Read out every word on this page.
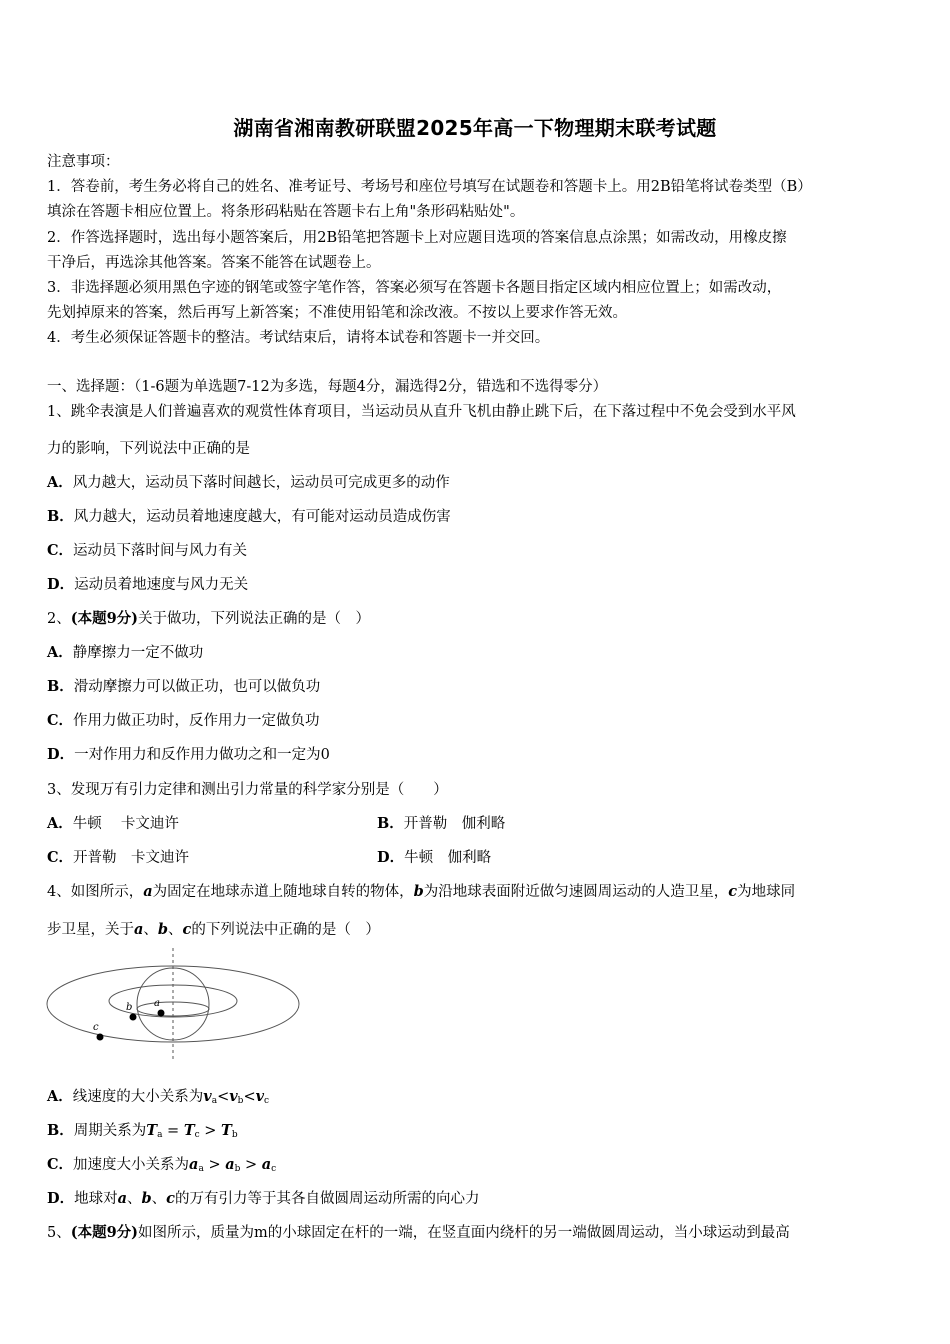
湖南省湘南教研联盟2025年高一下物理期末联考试题
注意事项：
1．答卷前，考生务必将自己的姓名、准考证号、考场号和座位号填写在试题卷和答题卡上。用2B铅笔将试卷类型（B）
填涂在答题卡相应位置上。将条形码粘贴在答题卡右上角"条形码粘贴处"。
2．作答选择题时，选出每小题答案后，用2B铅笔把答题卡上对应题目选项的答案信息点涂黑；如需改动，用橡皮擦
干净后，再选涂其他答案。答案不能答在试题卷上。
3．非选择题必须用黑色字迹的钢笔或签字笔作答，答案必须写在答题卡各题目指定区域内相应位置上；如需改动，
先划掉原来的答案，然后再写上新答案；不准使用铅笔和涂改液。不按以上要求作答无效。
4．考生必须保证答题卡的整洁。考试结束后，请将本试卷和答题卡一并交回。
一、选择题：（1-6题为单选题7-12为多选，每题4分，漏选得2分，错选和不选得零分）
1、跳伞表演是人们普遍喜欢的观赏性体育项目，当运动员从直升飞机由静止跳下后，在下落过程中不免会受到水平风
力的影响，下列说法中正确的是
A．风力越大，运动员下落时间越长，运动员可完成更多的动作
B．风力越大，运动员着地速度越大，有可能对运动员造成伤害
C．运动员下落时间与风力有关
D．运动员着地速度与风力无关
2、(本题9分)关于做功，下列说法正确的是（　）
A．静摩擦力一定不做功
B．滑动摩擦力可以做正功，也可以做负功
C．作用力做正功时，反作用力一定做负功
D．一对作用力和反作用力做功之和一定为0
3、发现万有引力定律和测出引力常量的科学家分别是（　　）
A．牛顿　 卡文迪许	B．开普勒　伽利略
C．开普勒　卡文迪许	D．牛顿　伽利略
4、如图所示，a为固定在地球赤道上随地球自转的物体，b为沿地球表面附近做匀速圆周运动的人造卫星，c为地球同
步卫星，关于a、b、c的下列说法中正确的是（　）
a
b
c
A．线速度的大小关系为$v_a<v_b<v_c$
B．周期关系为$T_a = T_c > T_b$
C．加速度大小关系为$a_a > a_b > a_c$
D．地球对a、b、c的万有引力等于其各自做圆周运动所需的向心力
5、(本题9分)如图所示，质量为m的小球固定在杆的一端，在竖直面内绕杆的另一端做圆周运动，当小球运动到最高
